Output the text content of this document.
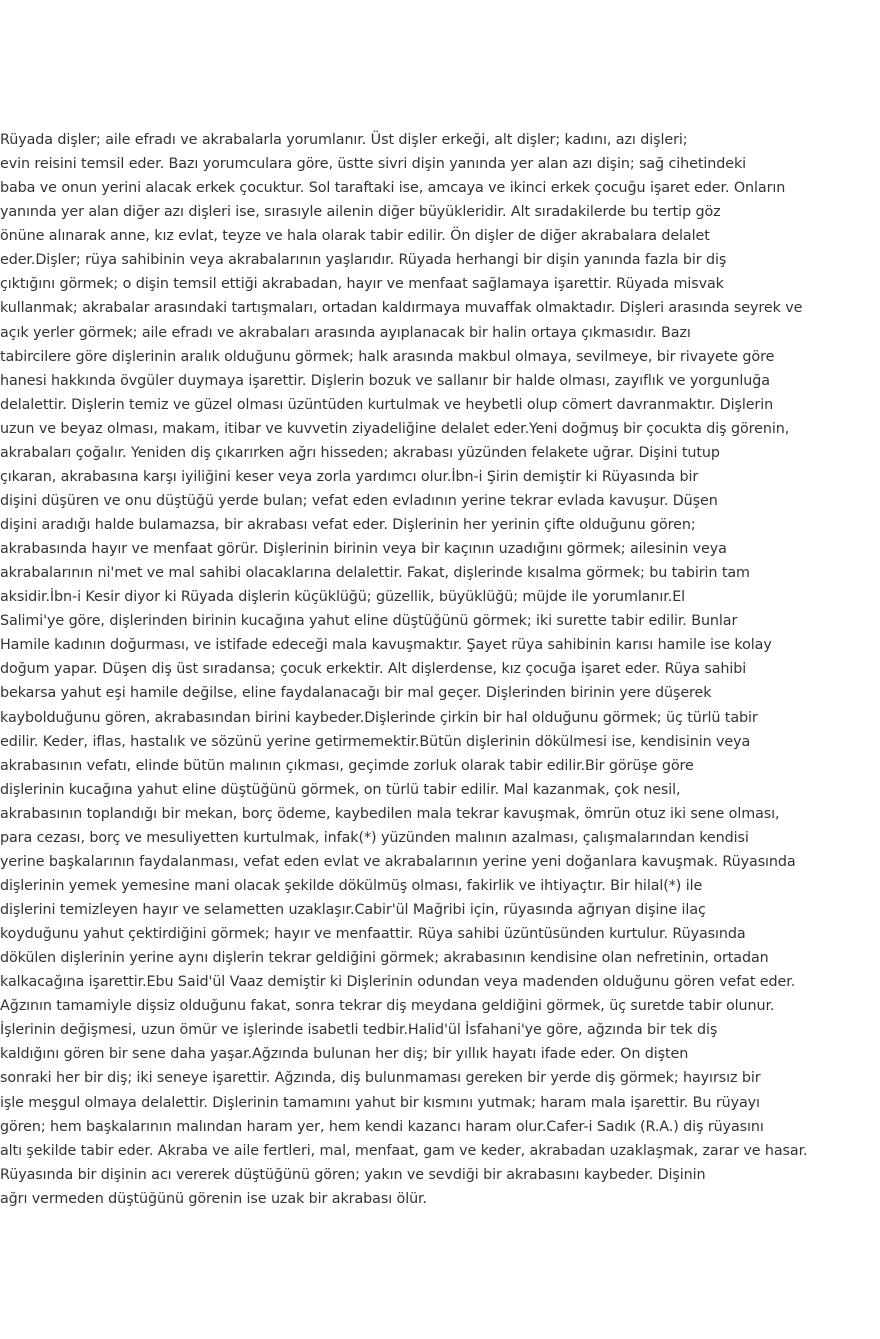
Rüyada dişler; aile efradı ve akrabalarla yorumlanır. Üst dişler erkeği, alt dişler; kadını, azı dişleri;
evin reisini temsil eder. Bazı yorumculara göre, üstte sivri dişin yanında yer alan azı dişin; sağ cihetindeki
baba ve onun yerini alacak erkek çocuktur. Sol taraftaki ise, amcaya ve ikinci erkek çocuğu işaret eder. Onların
yanında yer alan diğer azı dişleri ise, sırasıyle ailenin diğer büyükleridir. Alt sıradakilerde bu tertip göz
önüne alınarak anne, kız evlat, teyze ve hala olarak tabir edilir. Ön dişler de diğer akrabalara delalet
eder.Dişler; rüya sahibinin veya akrabalarının yaşlarıdır. Rüyada herhangi bir dişin yanında fazla bir diş
çıktığını görmek; o dişin temsil ettiği akrabadan, hayır ve menfaat sağlamaya işarettir. Rüyada misvak
kullanmak; akrabalar arasındaki tartışmaları, ortadan kaldırmaya muvaffak olmaktadır. Dişleri arasında seyrek ve
açık yerler görmek; aile efradı ve akrabaları arasında ayıplanacak bir halin ortaya çıkmasıdır. Bazı
tabircilere göre dişlerinin aralık olduğunu görmek; halk arasında makbul olmaya, sevilmeye, bir rivayete göre
hanesi hakkında övgüler duymaya işarettir. Dişlerin bozuk ve sallanır bir halde olması, zayıflık ve yorgunluğa
delalettir. Dişlerin temiz ve güzel olması üzüntüden kurtulmak ve heybetli olup cömert davranmaktır. Dişlerin
uzun ve beyaz olması, makam, itibar ve kuvvetin ziyadeliğine delalet eder.Yeni doğmuş bir çocukta diş görenin,
akrabaları çoğalır. Yeniden diş çıkarırken ağrı hisseden; akrabası yüzünden felakete uğrar. Dişini tutup
çıkaran, akrabasına karşı iyiliğini keser veya zorla yardımcı olur.İbn-i Şirin demiştir ki Rüyasında bir
dişini düşüren ve onu düştüğü yerde bulan; vefat eden evladının yerine tekrar evlada kavuşur. Düşen
dişini aradığı halde bulamazsa, bir akrabası vefat eder. Dişlerinin her yerinin çifte olduğunu gören;
akrabasında hayır ve menfaat görür. Dişlerinin birinin veya bir kaçının uzadığını görmek; ailesinin veya
akrabalarının ni'met ve mal sahibi olacaklarına delalettir. Fakat, dişlerinde kısalma görmek; bu tabirin tam
aksidir.İbn-i Kesir diyor ki Rüyada dişlerin küçüklüğü; güzellik, büyüklüğü; müjde ile yorumlanır.El
Salimi'ye göre, dişlerinden birinin kucağına yahut eline düştüğünü görmek; iki surette tabir edilir. Bunlar
Hamile kadının doğurması, ve istifade edeceği mala kavuşmaktır. Şayet rüya sahibinin karısı hamile ise kolay
doğum yapar. Düşen diş üst sıradansa; çocuk erkektir. Alt dişlerdense, kız çocuğa işaret eder. Rüya sahibi
bekarsa yahut eşi hamile değilse, eline faydalanacağı bir mal geçer. Dişlerinden birinin yere düşerek
kaybolduğunu gören, akrabasından birini kaybeder.Dişlerinde çirkin bir hal olduğunu görmek; üç türlü tabir
edilir. Keder, iflas, hastalık ve sözünü yerine getirmemektir.Bütün dişlerinin dökülmesi ise, kendisinin veya
akrabasının vefatı, elinde bütün malının çıkması, geçimde zorluk olarak tabir edilir.Bir görüşe göre
dişlerinin kucağına yahut eline düştüğünü görmek, on türlü tabir edilir. Mal kazanmak, çok nesil,
akrabasının toplandığı bir mekan, borç ödeme, kaybedilen mala tekrar kavuşmak, ömrün otuz iki sene olması,
para cezası, borç ve mesuliyetten kurtulmak, infak(*) yüzünden malının azalması, çalışmalarından kendisi
yerine başkalarının faydalanması, vefat eden evlat ve akrabalarının yerine yeni doğanlara kavuşmak. Rüyasında
dişlerinin yemek yemesine mani olacak şekilde dökülmüş olması, fakirlik ve ihtiyaçtır. Bir hilal(*) ile
dişlerini temizleyen hayır ve selametten uzaklaşır.Cabir'ül Mağribi için, rüyasında ağrıyan dişine ilaç
koyduğunu yahut çektirdiğini görmek; hayır ve menfaattir. Rüya sahibi üzüntüsünden kurtulur. Rüyasında
dökülen dişlerinin yerine aynı dişlerin tekrar geldiğini görmek; akrabasının kendisine olan nefretinin, ortadan
kalkacağına işarettir.Ebu Said'ül Vaaz demiştir ki Dişlerinin odundan veya madenden olduğunu gören vefat eder.
Ağzının tamamiyle dişsiz olduğunu fakat, sonra tekrar diş meydana geldiğini görmek, üç suretde tabir olunur.
İşlerinin değişmesi, uzun ömür ve işlerinde isabetli tedbir.Halid'ül İsfahani'ye göre, ağzında bir tek diş
kaldığını gören bir sene daha yaşar.Ağzında bulunan her diş; bir yıllık hayatı ifade eder. On dişten
sonraki her bir diş; iki seneye işarettir. Ağzında, diş bulunmaması gereken bir yerde diş görmek; hayırsız bir
işle meşgul olmaya delalettir. Dişlerinin tamamını yahut bir kısmını yutmak; haram mala işarettir. Bu rüyayı
gören; hem başkalarının malından haram yer, hem kendi kazancı haram olur.Cafer-i Sadık (R.A.) diş rüyasını
altı şekilde tabir eder. Akraba ve aile fertleri, mal, menfaat, gam ve keder, akrabadan uzaklaşmak, zarar ve hasar.
Rüyasında bir dişinin acı vererek düştüğünü gören; yakın ve sevdiği bir akrabasını kaybeder. Dişinin
ağrı vermeden düştüğünü görenin ise uzak bir akrabası ölür.
